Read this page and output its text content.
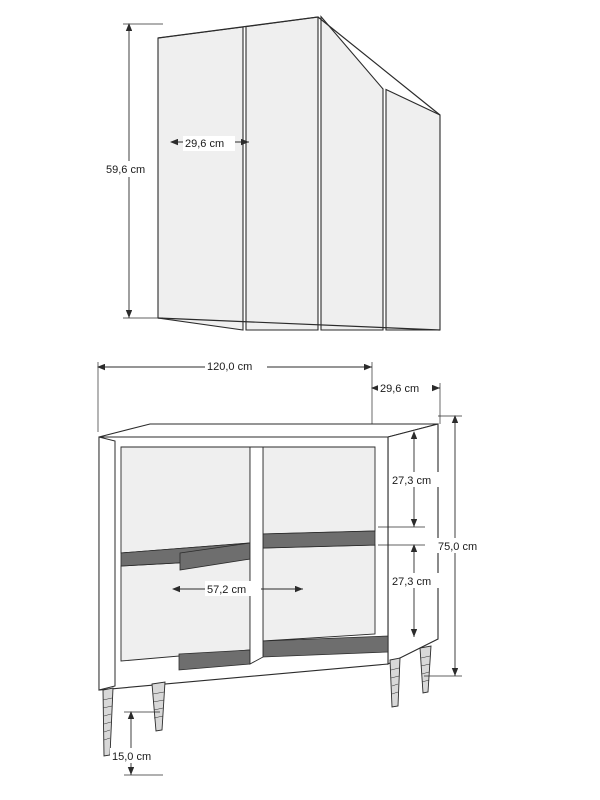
59,6 cm
29,6 cm
120,0 cm
29,6 cm
27,3 cm
27,3 cm
75,0 cm
57,2 cm
15,0 cm
